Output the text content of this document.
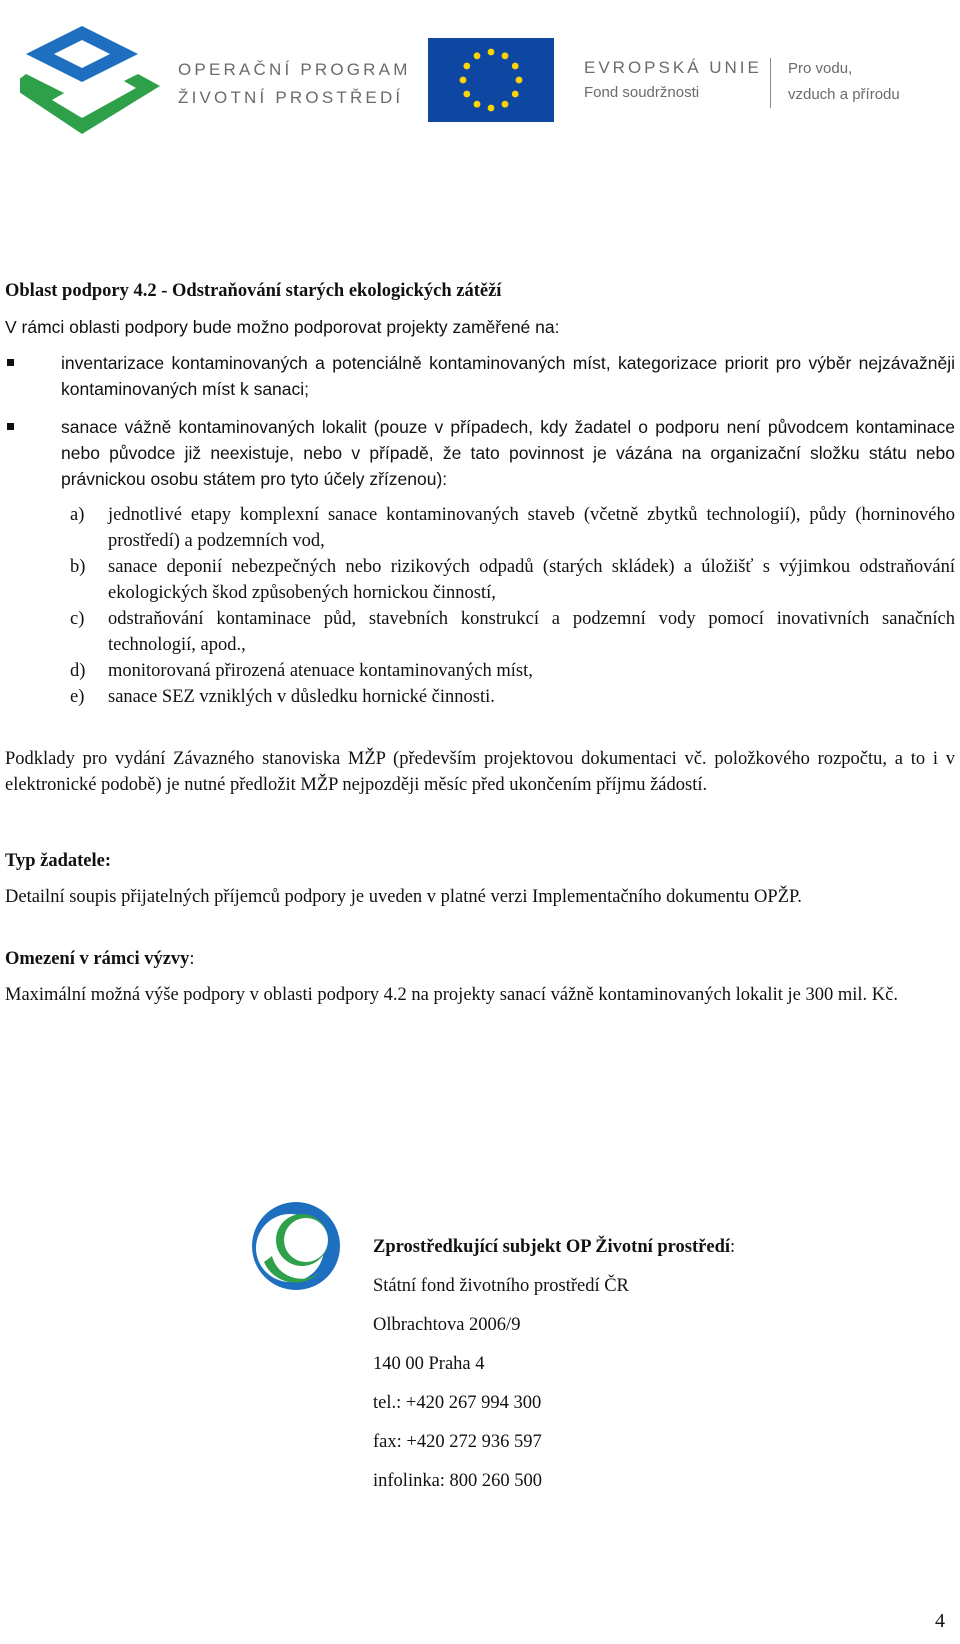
OPERAČNÍ PROGRAM
ŽIVOTNÍ PROSTŘEDÍ
EVROPSKÁ UNIE
Fond soudržnosti
Pro vodu,
vzduch a přírodu

Oblast podpory 4.2 - Odstraňování starých ekologických zátěží

V rámci oblasti podpory bude možno podporovat projekty zaměřené na:

inventarizace kontaminovaných a potenciálně kontaminovaných míst, kategorizace priorit pro výběr nejzávažněji kontaminovaných míst k sanaci;
sanace vážně kontaminovaných lokalit (pouze v případech, kdy žadatel o podporu není původcem kontaminace nebo původce již neexistuje, nebo v případě, že tato povinnost je vázána na organizační složku státu nebo právnickou osobu státem pro tyto účely zřízenou):
a) jednotlivé etapy komplexní sanace kontaminovaných staveb (včetně zbytků technologií), půdy (horninového prostředí) a podzemních vod,
b) sanace deponií nebezpečných nebo rizikových odpadů (starých skládek) a úložišť s výjimkou odstraňování ekologických škod způsobených hornickou činností,
c) odstraňování kontaminace půd, stavebních konstrukcí a podzemní vody pomocí inovativních sanačních technologií, apod.,
d) monitorovaná přirozená atenuace kontaminovaných míst,
e) sanace SEZ vzniklých v důsledku hornické činnosti.

Podklady pro vydání Závazného stanoviska MŽP (především projektovou dokumentaci vč. položkového rozpočtu, a to i v elektronické podobě) je nutné předložit MŽP nejpozději měsíc před ukončením příjmu žádostí.

Typ žadatele:

Detailní soupis přijatelných příjemců podpory je uveden v platné verzi Implementačního dokumentu OPŽP.

Omezení v rámci výzvy:

Maximální možná výše podpory v oblasti podpory 4.2 na projekty sanací vážně kontaminovaných lokalit je 300 mil. Kč.

Zprostředkující subjekt OP Životní prostředí:
Státní fond životního prostředí ČR
Olbrachtova 2006/9
140 00 Praha 4
tel.: +420 267 994 300
fax: +420 272 936 597
infolinka: 800 260 500
4
